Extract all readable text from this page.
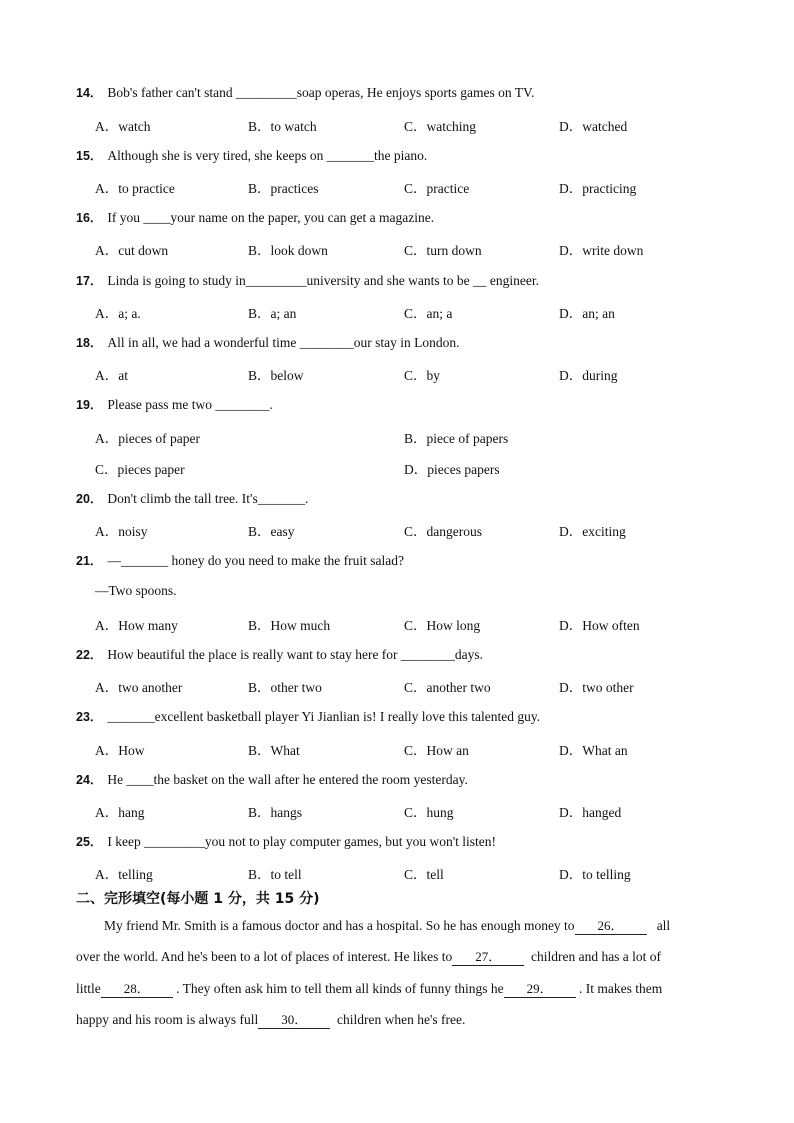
14． Bob's father can't stand _________soap operas, He enjoys sports games on TV.
A．watch	B．to watch	C．watching	D．watched
15． Although she is very tired, she keeps on _______the piano.
A．to practice	B．practices	C．practice	D．practicing
16． If you ____your name on the paper, you can get a magazine.
A．cut down	B．look down	C．turn down	D．write down
17． Linda is going to study in_________university and she wants to be __ engineer.
A．a; a.	B．a; an	C．an; a	D．an; an
18． All in all, we had a wonderful time ________our stay in London.
A．at	B．below	C．by	D．during
19． Please pass me two ________.
A．pieces of paper	B．piece of papers
C．pieces paper	D．pieces papers
20． Don't climb the tall tree. It's_______.
A．noisy	B．easy	C．dangerous	D．exciting
21． —_______ honey do you need to make the fruit salad?
—Two spoons.
A．How many	B．How much	C．How long	D．How often
22． How beautiful the place is really want to stay here for ________days.
A．two another	B．other two	C．another two	D．two other
23． _______excellent basketball player Yi Jianlian is! I really love this talented guy.
A．How	B．What	C．How an	D．What an
24． He ____the basket on the wall after he entered the room yesterday.
A．hang	B．hangs	C．hung	D．hanged
25． I keep _________you not to play computer games, but you won't listen!
A．telling	B．to tell	C．tell	D．to telling
二、完形填空(每小题 1 分，共 15 分)
My friend Mr. Smith is a famous doctor and has a hospital. So he has enough money to 26． all
over the world. And he's been to a lot of places of interest. He likes to 27． children and has a lot of
little 28． . They often ask him to tell them all kinds of funny things he 29． . It makes them
happy and his room is always full 30． children when he's free.
